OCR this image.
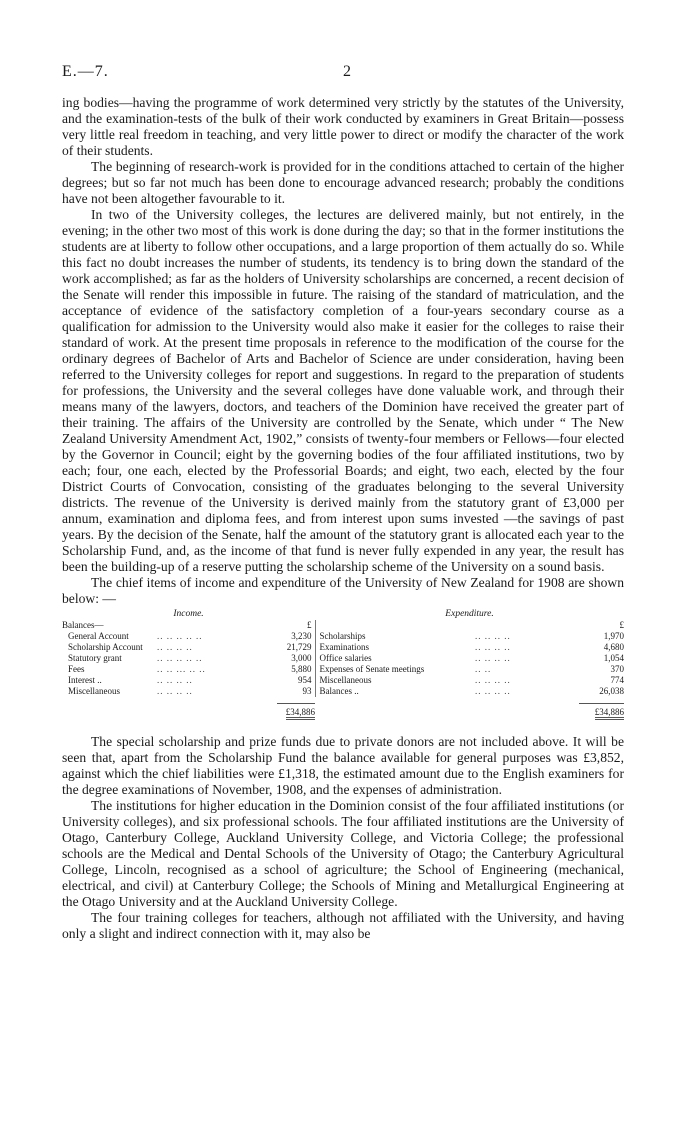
E.—7.	2

ing bodies—having the programme of work determined very strictly by the statutes of the University, and the examination-tests of the bulk of their work conducted by examiners in Great Britain—possess very little real freedom in teaching, and very little power to direct or modify the character of the work of their students.

The beginning of research-work is provided for in the conditions attached to certain of the higher degrees; but so far not much has been done to encourage advanced research; probably the conditions have not been altogether favourable to it.

In two of the University colleges, the lectures are delivered mainly, but not entirely, in the evening; in the other two most of this work is done during the day; so that in the former institutions the students are at liberty to follow other occupations, and a large proportion of them actually do so. While this fact no doubt increases the number of students, its tendency is to bring down the standard of the work accomplished; as far as the holders of University scholarships are concerned, a recent decision of the Senate will render this impossible in future. The raising of the standard of matriculation, and the acceptance of evidence of the satisfactory completion of a four-years secondary course as a qualification for admission to the University would also make it easier for the colleges to raise their standard of work. At the present time proposals in reference to the modification of the course for the ordinary degrees of Bachelor of Arts and Bachelor of Science are under consideration, having been referred to the University colleges for report and suggestions. In regard to the preparation of students for professions, the University and the several colleges have done valuable work, and through their means many of the lawyers, doctors, and teachers of the Dominion have received the greater part of their training. The affairs of the University are controlled by the Senate, which under “ The New Zealand University Amendment Act, 1902,” consists of twenty-four members or Fellows—four elected by the Governor in Council; eight by the governing bodies of the four affiliated institutions, two by each; four, one each, elected by the Professorial Boards; and eight, two each, elected by the four District Courts of Convocation, consisting of the graduates belonging to the several University districts. The revenue of the University is derived mainly from the statutory grant of £3,000 per annum, examination and diploma fees, and from interest upon sums invested —the savings of past years. By the decision of the Senate, half the amount of the statutory grant is allocated each year to the Scholarship Fund, and, as the income of that fund is never fully expended in any year, the result has been the building-up of a reserve putting the scholarship scheme of the University on a sound basis.

The chief items of income and expenditure of the University of New Zealand for 1908 are shown below: —

Income.			Expenditure.		
Balances—		£			£
General Account	.. .. .. .. ..	3,230	Scholarships	.. .. .. ..	1,970
Scholarship Account	.. .. .. ..	21,729	Examinations	.. .. .. ..	4,680
Statutory grant	.. .. .. .. ..	3,000	Office salaries	.. .. .. ..	1,054
Fees	.. .. ... .. ..	5,880	Expenses of Senate meetings	.. ..	370
Interest ..	.. .. .. ..	954	Miscellaneous	.. .. .. ..	774
Miscellaneous	.. .. .. ..	93	Balances ..	.. .. .. ..	26,038

		£34,886			£34,886

The special scholarship and prize funds due to private donors are not included above. It will be seen that, apart from the Scholarship Fund the balance available for general purposes was £3,852, against which the chief liabilities were £1,318, the estimated amount due to the English examiners for the degree examinations of November, 1908, and the expenses of administration.

The institutions for higher education in the Dominion consist of the four affiliated institutions (or University colleges), and six professional schools. The four affiliated institutions are the University of Otago, Canterbury College, Auckland University College, and Victoria College; the professional schools are the Medical and Dental Schools of the University of Otago; the Canterbury Agricultural College, Lincoln, recognised as a school of agriculture; the School of Engineering (mechanical, electrical, and civil) at Canterbury College; the Schools of Mining and Metallurgical Engineering at the Otago University and at the Auckland University College.

The four training colleges for teachers, although not affiliated with the University, and having only a slight and indirect connection with it, may also be
